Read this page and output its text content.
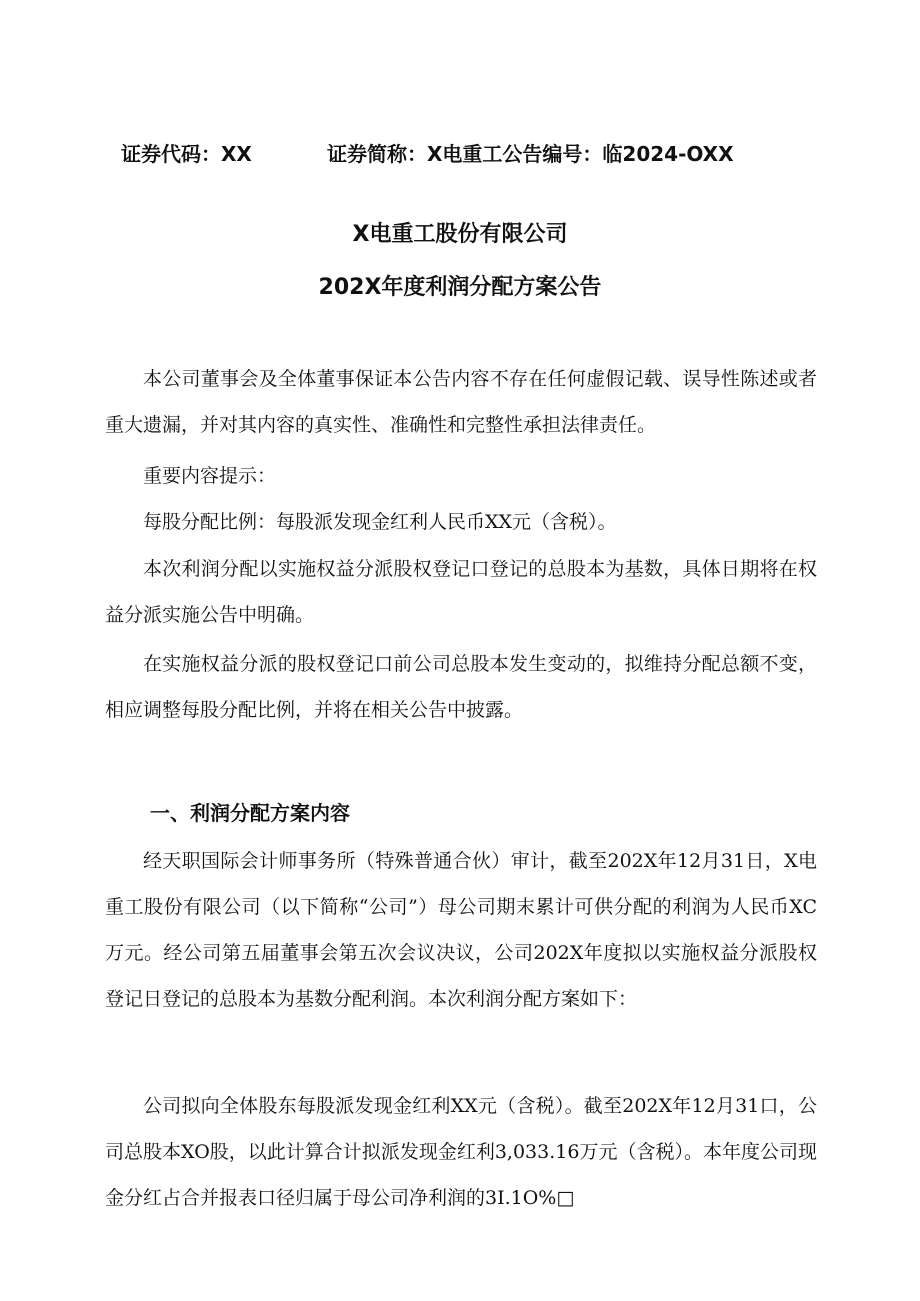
证券代码：XX	证券简称：X电重工公告编号：临2024-OXX
X电重工股份有限公司
202X年度利润分配方案公告
本公司董事会及全体董事保证本公告内容不存在任何虚假记载、误导性陈述或者重大遗漏，并对其内容的真实性、准确性和完整性承担法律责任。
重要内容提示：
每股分配比例：每股派发现金红利人民币XX元（含税）。
本次利润分配以实施权益分派股权登记口登记的总股本为基数，具体日期将在权益分派实施公告中明确。
在实施权益分派的股权登记口前公司总股本发生变动的，拟维持分配总额不变，相应调整每股分配比例，并将在相关公告中披露。
一、利润分配方案内容
经天职国际会计师事务所（特殊普通合伙）审计，截至202X年12月31日，X电重工股份有限公司（以下简称“公司”）母公司期末累计可供分配的利润为人民币XC万元。经公司第五届董事会第五次会议决议，公司202X年度拟以实施权益分派股权登记日登记的总股本为基数分配利润。本次利润分配方案如下：
公司拟向全体股东每股派发现金红利XX元（含税）。截至202X年12月31口，公司总股本XO股，以此计算合计拟派发现金红利3,033.16万元（含税）。本年度公司现金分红占合并报表口径归属于母公司净利润的3I.1O%□
